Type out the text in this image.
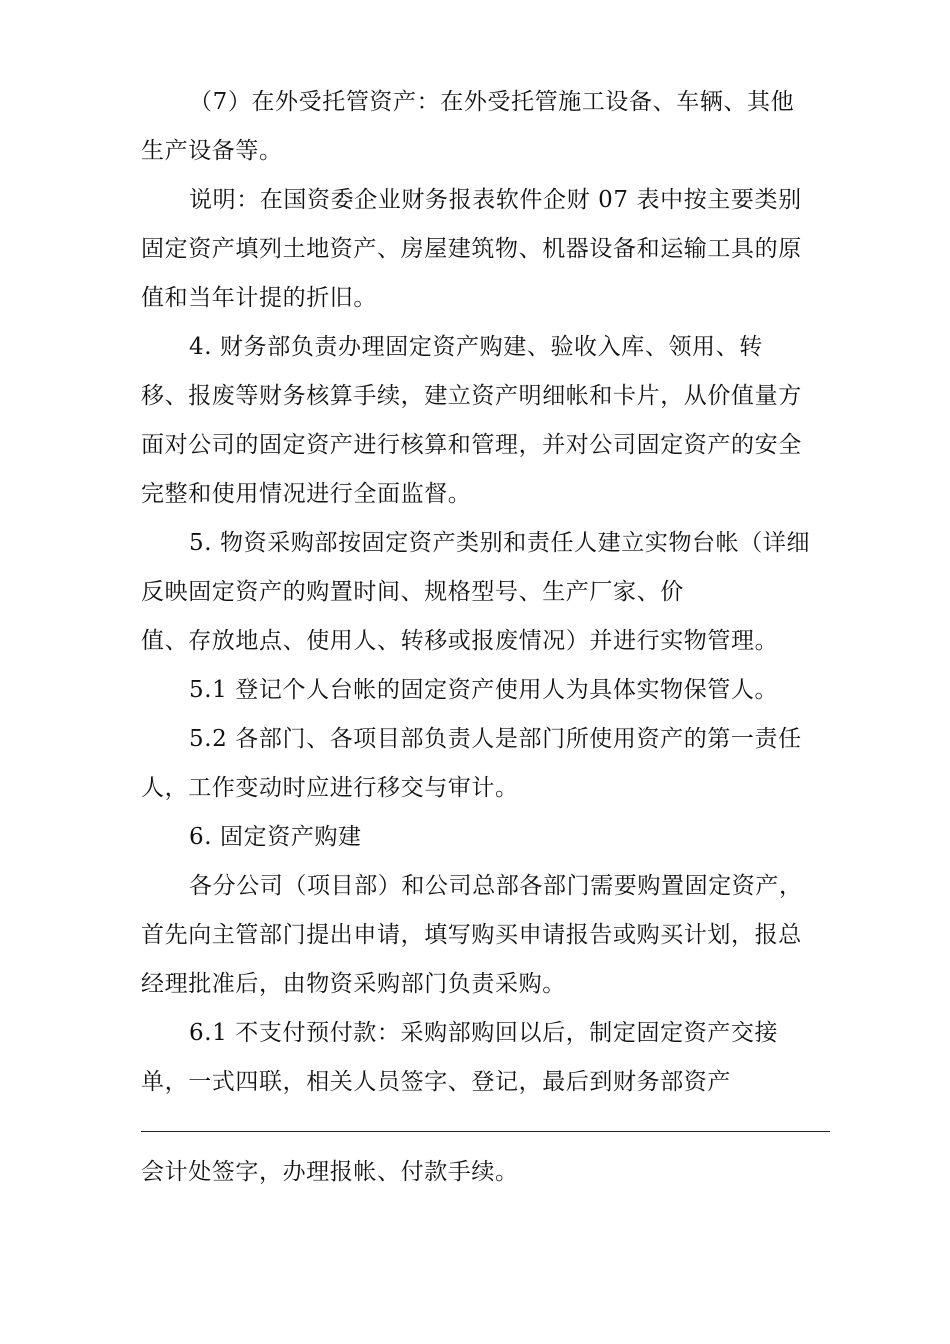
（7）在外受托管资产：在外受托管施工设备、车辆、其他
生产设备等。

说明：在国资委企业财务报表软件企财 07 表中按主要类别
固定资产填列土地资产、房屋建筑物、机器设备和运输工具的原
值和当年计提的折旧。

4. 财务部负责办理固定资产购建、验收入库、领用、转
移、报废等财务核算手续，建立资产明细帐和卡片，从价值量方
面对公司的固定资产进行核算和管理，并对公司固定资产的安全
完整和使用情况进行全面监督。

5. 物资采购部按固定资产类别和责任人建立实物台帐（详细
反映固定资产的购置时间、规格型号、生产厂家、价
值、存放地点、使用人、转移或报废情况）并进行实物管理。

5.1 登记个人台帐的固定资产使用人为具体实物保管人。

5.2 各部门、各项目部负责人是部门所使用资产的第一责任
人，工作变动时应进行移交与审计。

6. 固定资产购建

各分公司（项目部）和公司总部各部门需要购置固定资产，
首先向主管部门提出申请，填写购买申请报告或购买计划，报总
经理批准后，由物资采购部门负责采购。

6.1 不支付预付款：采购部购回以后，制定固定资产交接
单，一式四联，相关人员签字、登记，最后到财务部资产

会计处签字，办理报帐、付款手续。
